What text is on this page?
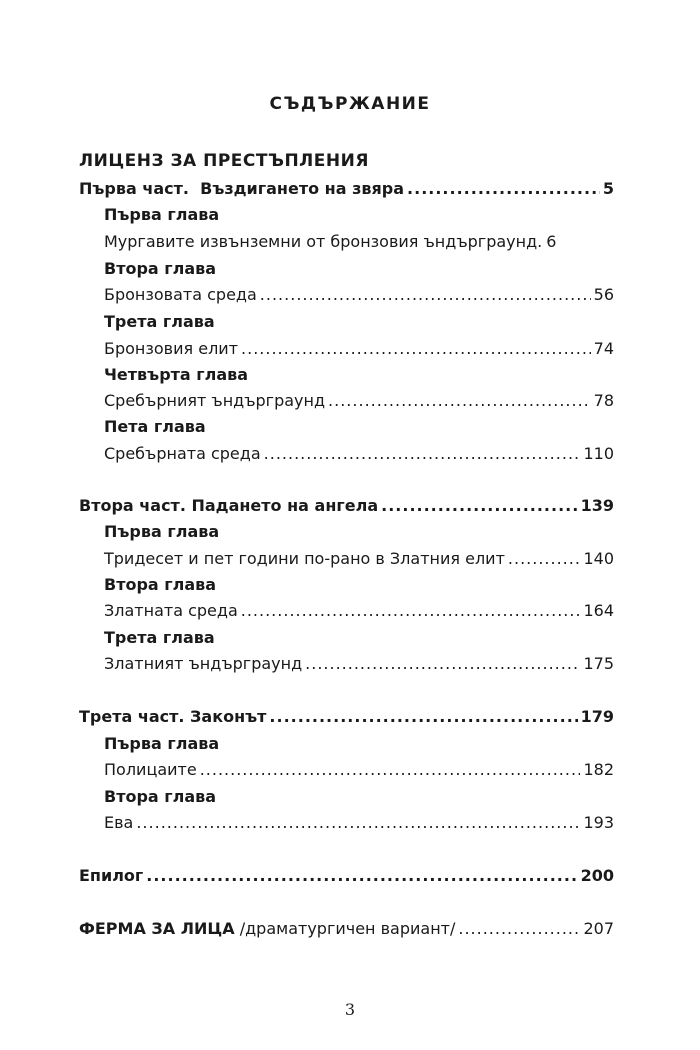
СЪДЪРЖАНИЕ
ЛИЦЕНЗ ЗА ПРЕСТЪПЛЕНИЯ
Първа част.  Въздигането на звяра .....	5
Първа глава
Мургавите извънземни от бронзовия ъндърграунд. 6
Втора глава
Бронзовата среда .....	56
Трета глава
Бронзовия елит .....	74
Четвърта глава
Сребърният ъндърграунд .....	78
Пета глава
Сребърната среда .....	110
Втора част. Падането на ангела .....	139
Първа глава
Тридесет и пет години по-рано в Златния елит .....	140
Втора глава
Златната среда .....	164
Трета глава
Златният ъндърграунд .....	175
Трета част. Законът .....	179
Първа глава
Полицаите .....	182
Втора глава
Ева .....	193
Епилог .....	200
ФЕРМА ЗА ЛИЦА /драматургичен вариант/ .....	207
3
